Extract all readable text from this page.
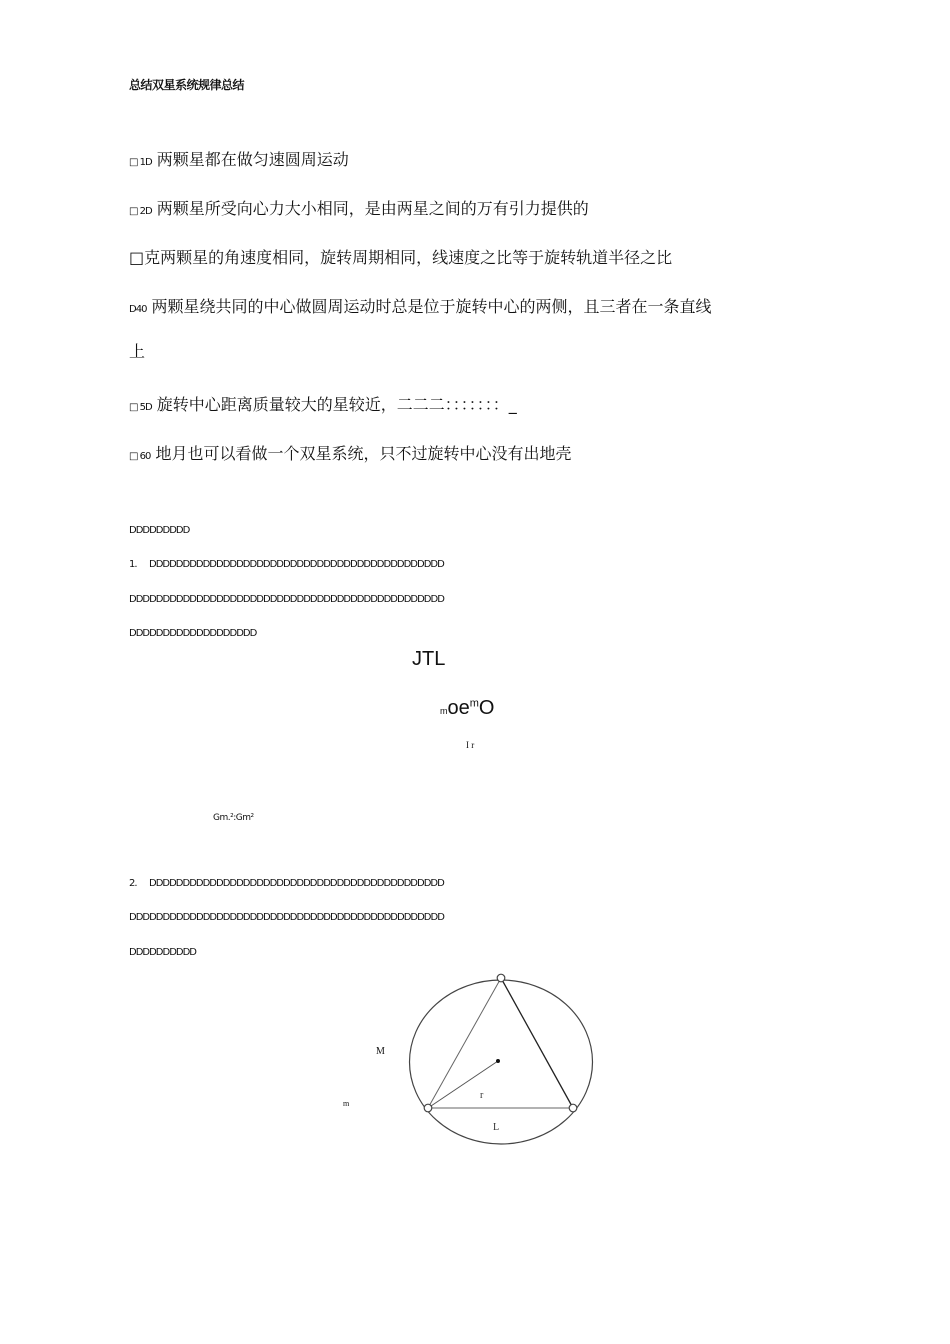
总结双星系统规律总结
□ 1D 两颗星都在做匀速圆周运动
□ 2D 两颗星所受向心力大小相同，是由两星之间的万有引力提供的
□克两颗星的角速度相同，旋转周期相同，线速度之比等于旋转轨道半径之比
D40 两颗星绕共同的中心做圆周运动时总是位于旋转中心的两侧，且三者在一条直线
上
□ 5D 旋转中心距离质量较大的星较近，二二二：：：：：：：_
□ 60 地月也可以看做一个双星系统，只不过旋转中心没有出地壳
DDDDDDDDD
1. DDDDDDDDDDDDDDDDDDDDDDDDDDDDDDDDDDDDDDDDDDDD
DDDDDDDDDDDDDDDDDDDDDDDDDDDDDDDDDDDDDDDDDDDDDDD
DDDDDDDDDDDDDDDDDDD
JTL
moe$^m$O
I r
Gm.²:Gm²
2. DDDDDDDDDDDDDDDDDDDDDDDDDDDDDDDDDDDDDDDDDDDD
DDDDDDDDDDDDDDDDDDDDDDDDDDDDDDDDDDDDDDDDDDDDDDD
DDDDDDDDDD
M
m
r
L
